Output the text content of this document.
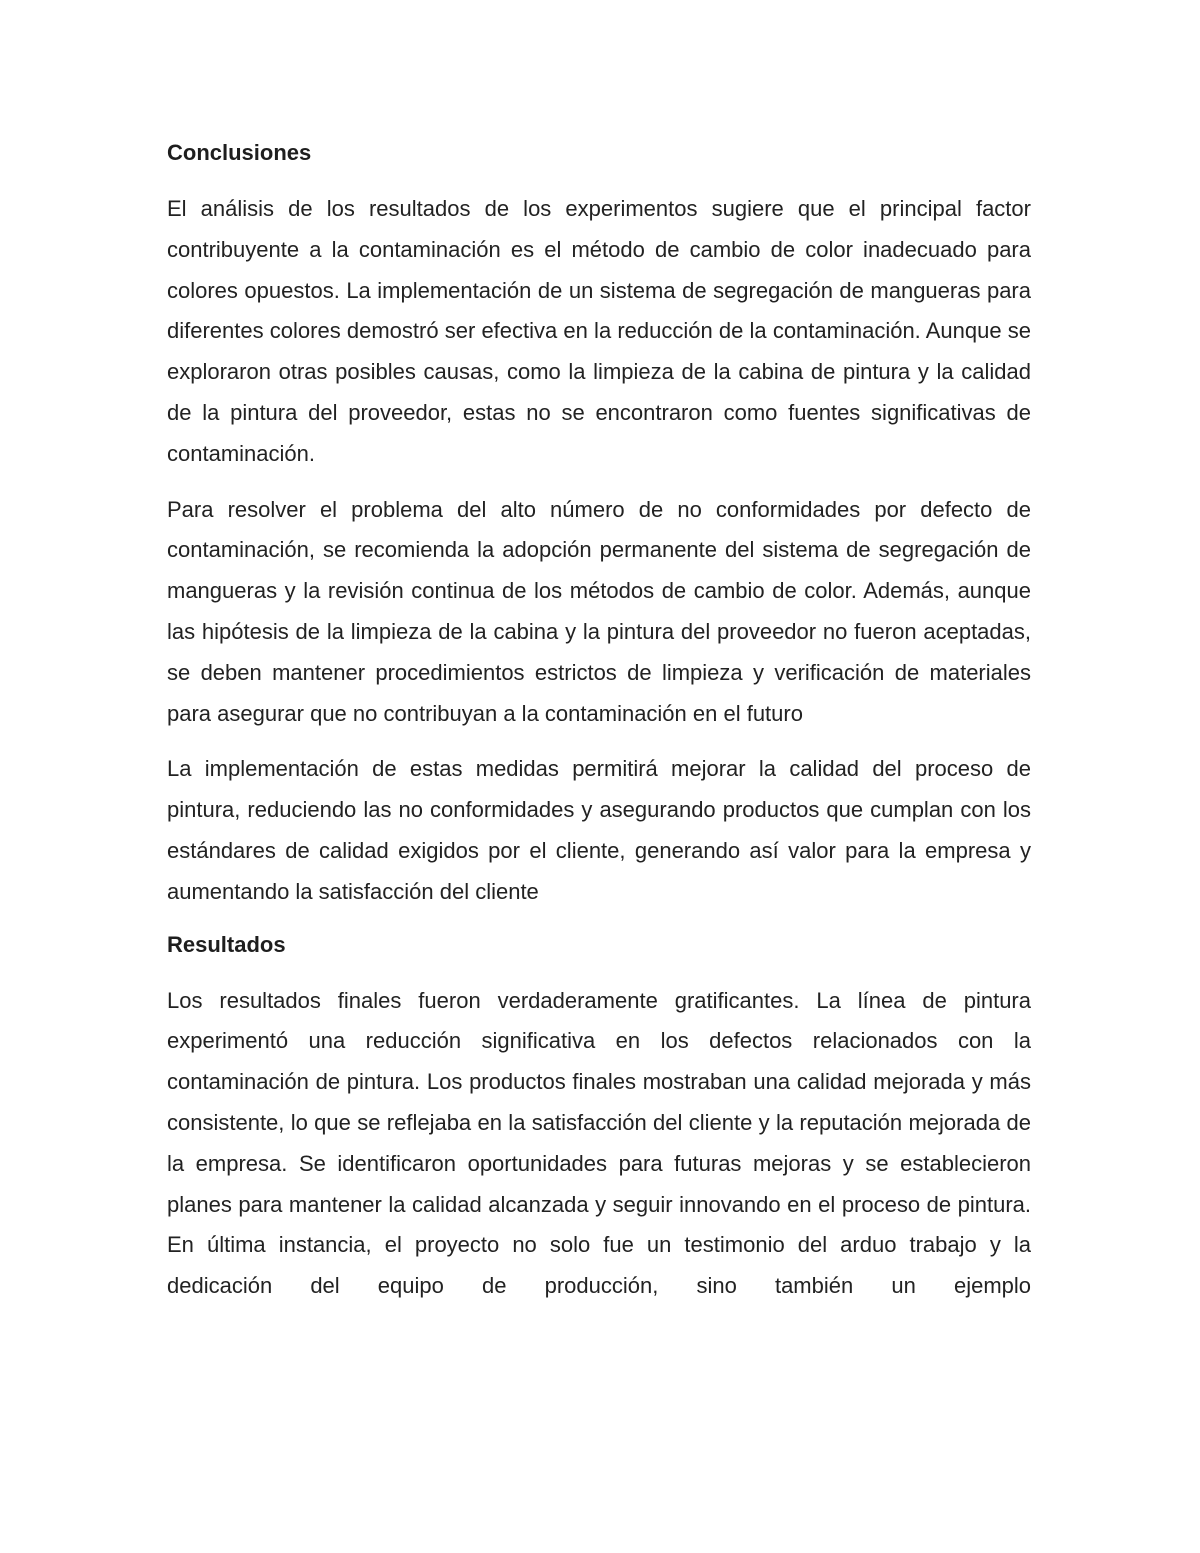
Conclusiones

El análisis de los resultados de los experimentos sugiere que el principal factor contribuyente a la contaminación es el método de cambio de color inadecuado para colores opuestos. La implementación de un sistema de segregación de mangueras para diferentes colores demostró ser efectiva en la reducción de la contaminación. Aunque se exploraron otras posibles causas, como la limpieza de la cabina de pintura y la calidad de la pintura del proveedor, estas no se encontraron como fuentes significativas de contaminación.

Para resolver el problema del alto número de no conformidades por defecto de contaminación, se recomienda la adopción permanente del sistema de segregación de mangueras y la revisión continua de los métodos de cambio de color. Además, aunque las hipótesis de la limpieza de la cabina y la pintura del proveedor no fueron aceptadas, se deben mantener procedimientos estrictos de limpieza y verificación de materiales para asegurar que no contribuyan a la contaminación en el futuro

La implementación de estas medidas permitirá mejorar la calidad del proceso de pintura, reduciendo las no conformidades y asegurando productos que cumplan con los estándares de calidad exigidos por el cliente, generando así valor para la empresa y aumentando la satisfacción del cliente

Resultados

Los resultados finales fueron verdaderamente gratificantes. La línea de pintura experimentó una reducción significativa en los defectos relacionados con la contaminación de pintura. Los productos finales mostraban una calidad mejorada y más consistente, lo que se reflejaba en la satisfacción del cliente y la reputación mejorada de la empresa. Se identificaron oportunidades para futuras mejoras y se establecieron planes para mantener la calidad alcanzada y seguir innovando en el proceso de pintura. En última instancia, el proyecto no solo fue un testimonio del arduo trabajo y la dedicación del equipo de producción, sino también un ejemplo
